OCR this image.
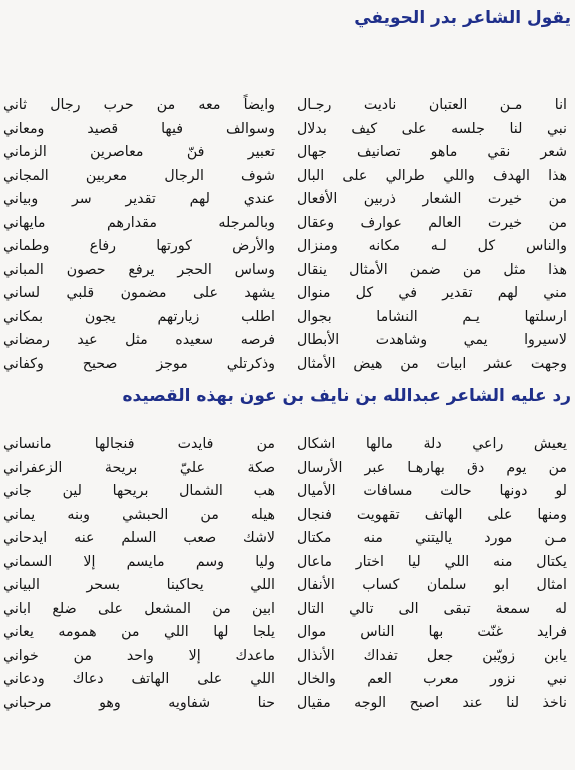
يقول الشاعر بدر الحويفي
انا مـن العتبان ناديت رجـال
نبي لنا جلسه على كيف بدلال
شعر نقي ماهو تصانيف جهال
هذا الهدف واللي طرالي على البال
من خيرت الشعار ذربين الأفعال
من خيرت العالم عوارف وعقال
والناس كل لـه مكانه ومنزال
هذا مثل من ضمن الأمثال ينقال
مني لهم تقدير في كل منوال
ارسلتها يـم النشاما بجوال
لاسيروا يمي وشاهدت الأبطال
وجهت عشر ابيات من هيض الأمثال
وايضاً معه من حرب رجال ثاني
وسوالف فيها قصيد ومعاني
تعبير فنّ معاصرين الزماني
شوف الرجال معربين المجاني
عندي لهم تقدير سر وبياني
وبالمرجله مقدارهم مايهاني
والأرض كورتها رفاع وطماني
وساس الحجر يرفع حصون المباني
يشهد على مضمون قلبي لساني
اطلب زيارتهم يجون بمكاني
فرصه سعيده مثل عيد رمضاني
وذكرتلي موجز صحيح وكفاني
رد عليه الشاعر عبدالله بن نايف بن عون بهذه القصيده
يعيش راعي دلة مالها اشكال
من يوم دق بهارهـا عبر الأرسال
لو دونها حالت مسافات الأميال
ومنها على الهاتف تقهويت فنجال
مـن مورد ياليتني منه مكتال
يكتال منه اللي ليا اختار ماعال
امثال ابو سلمان كساب الأنفال
له سمعة تبقى الى تالي التال
فرايد غنّت بها الناس موال
يابن زويّبن جعل تفداك الأنذال
نبي نزور معرب العم والخال
ناخذ لنا عند اصبح الوجه مقيال
من فايدت فنجالها مانساني
صكة عليّ بريحة الزعفراني
هب الشمال بريحها لين جاني
هيله من الحبشي وبنه يماني
لاشك صعب السلم عنه ايدحاني
وليا وسم مايسم إلا السماني
اللي يحاكينا بسحر البياني
ابين من المشعل على ضلع اباني
يلجا لها اللي من همومه يعاني
ماعدك إلا واحد من خواني
اللي على الهاتف دعاك ودعاني
حنا شفاويه وهو مرحباني
